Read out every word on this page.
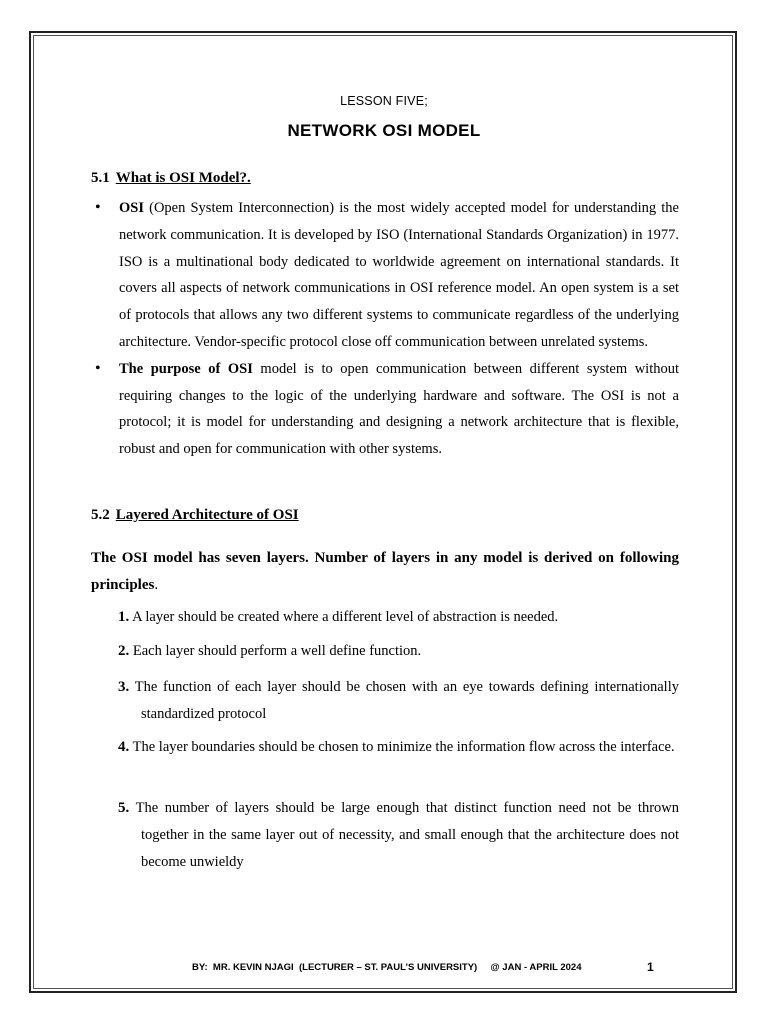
LESSON FIVE;
NETWORK OSI MODEL
5.1 What is OSI Model?.
• OSI (Open System Interconnection) is the most widely accepted model for understanding the network communication. It is developed by ISO (International Standards Organization) in 1977. ISO is a multinational body dedicated to worldwide agreement on international standards. It covers all aspects of network communications in OSI reference model. An open system is a set of protocols that allows any two different systems to communicate regardless of the underlying architecture. Vendor-specific protocol close off communication between unrelated systems.
• The purpose of OSI model is to open communication between different system without requiring changes to the logic of the underlying hardware and software. The OSI is not a protocol; it is model for understanding and designing a network architecture that is flexible, robust and open for communication with other systems.
5.2 Layered Architecture of OSI
The OSI model has seven layers. Number of layers in any model is derived on following principles.
1. A layer should be created where a different level of abstraction is needed.
2. Each layer should perform a well define function.
3. The function of each layer should be chosen with an eye towards defining internationally standardized protocol
4. The layer boundaries should be chosen to minimize the information flow across the interface.
5. The number of layers should be large enough that distinct function need not be thrown together in the same layer out of necessity, and small enough that the architecture does not become unwieldy
BY:  MR. KEVIN NJAGI  (LECTURER – ST. PAUL’S UNIVERSITY)     @ JAN - APRIL 2024	1
